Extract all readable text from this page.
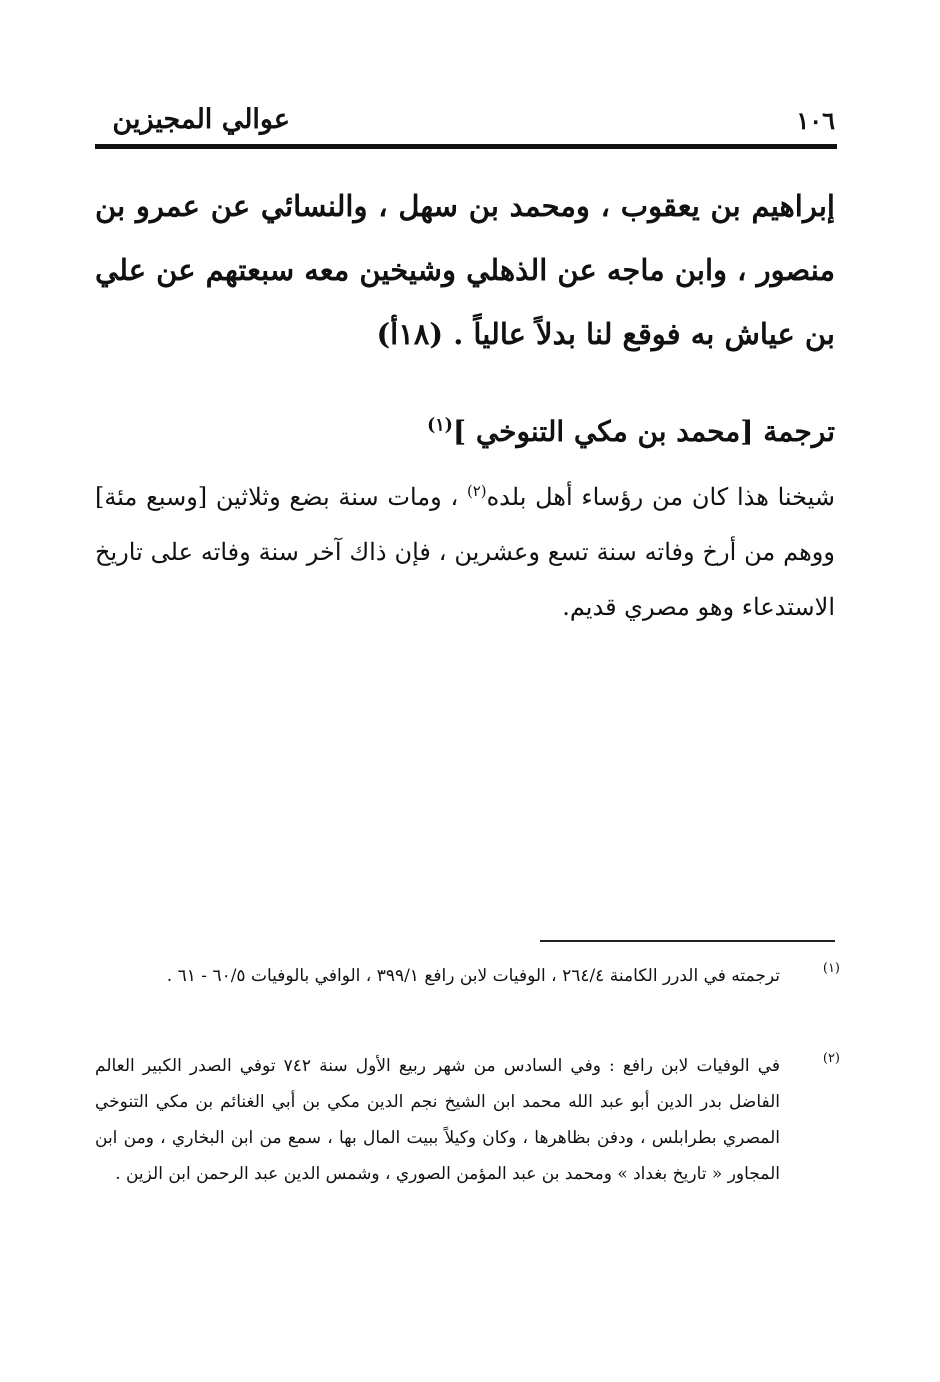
١٠٦
عوالي المجيزين
إبراهيم بن يعقوب ، ومحمد بن سهل ، والنسائي عن عمرو بن منصور ، وابن ماجه عن الذهلي وشيخين معه سبعتهم عن علي بن عياش به فوقع لنا بدلاً عالياً . (١٨أ)
ترجمة [محمد بن مكي التنوخي ]$^{(١)}$
شيخنا هذا كان من رؤساء أهل بلده$^{(٢)}$ ، ومات سنة بضع وثلاثين [وسبع مئة] ووهم من أرخ وفاته سنة تسع وعشرين ، فإن ذاك آخر سنة وفاته على تاريخ الاستدعاء وهو مصري قديم.
(١)
ترجمته في الدرر الكامنة ٢٦٤/٤ ، الوفيات لابن رافع ٣٩٩/١ ، الوافي بالوفيات ٦٠/٥ - ٦١ .
(٢)
في الوفيات لابن رافع : وفي السادس من شهر ربيع الأول سنة ٧٤٢ توفي الصدر الكبير العالم الفاضل بدر الدين أبو عبد الله محمد ابن الشيخ نجم الدين مكي بن أبي الغنائم بن مكي التنوخي المصري بطرابلس ، ودفن بظاهرها ، وكان وكيلاً ببيت المال بها ، سمع من ابن البخاري ، ومن ابن المجاور « تاريخ بغداد » ومحمد بن عبد المؤمن الصوري ، وشمس الدين عبد الرحمن ابن الزين .
